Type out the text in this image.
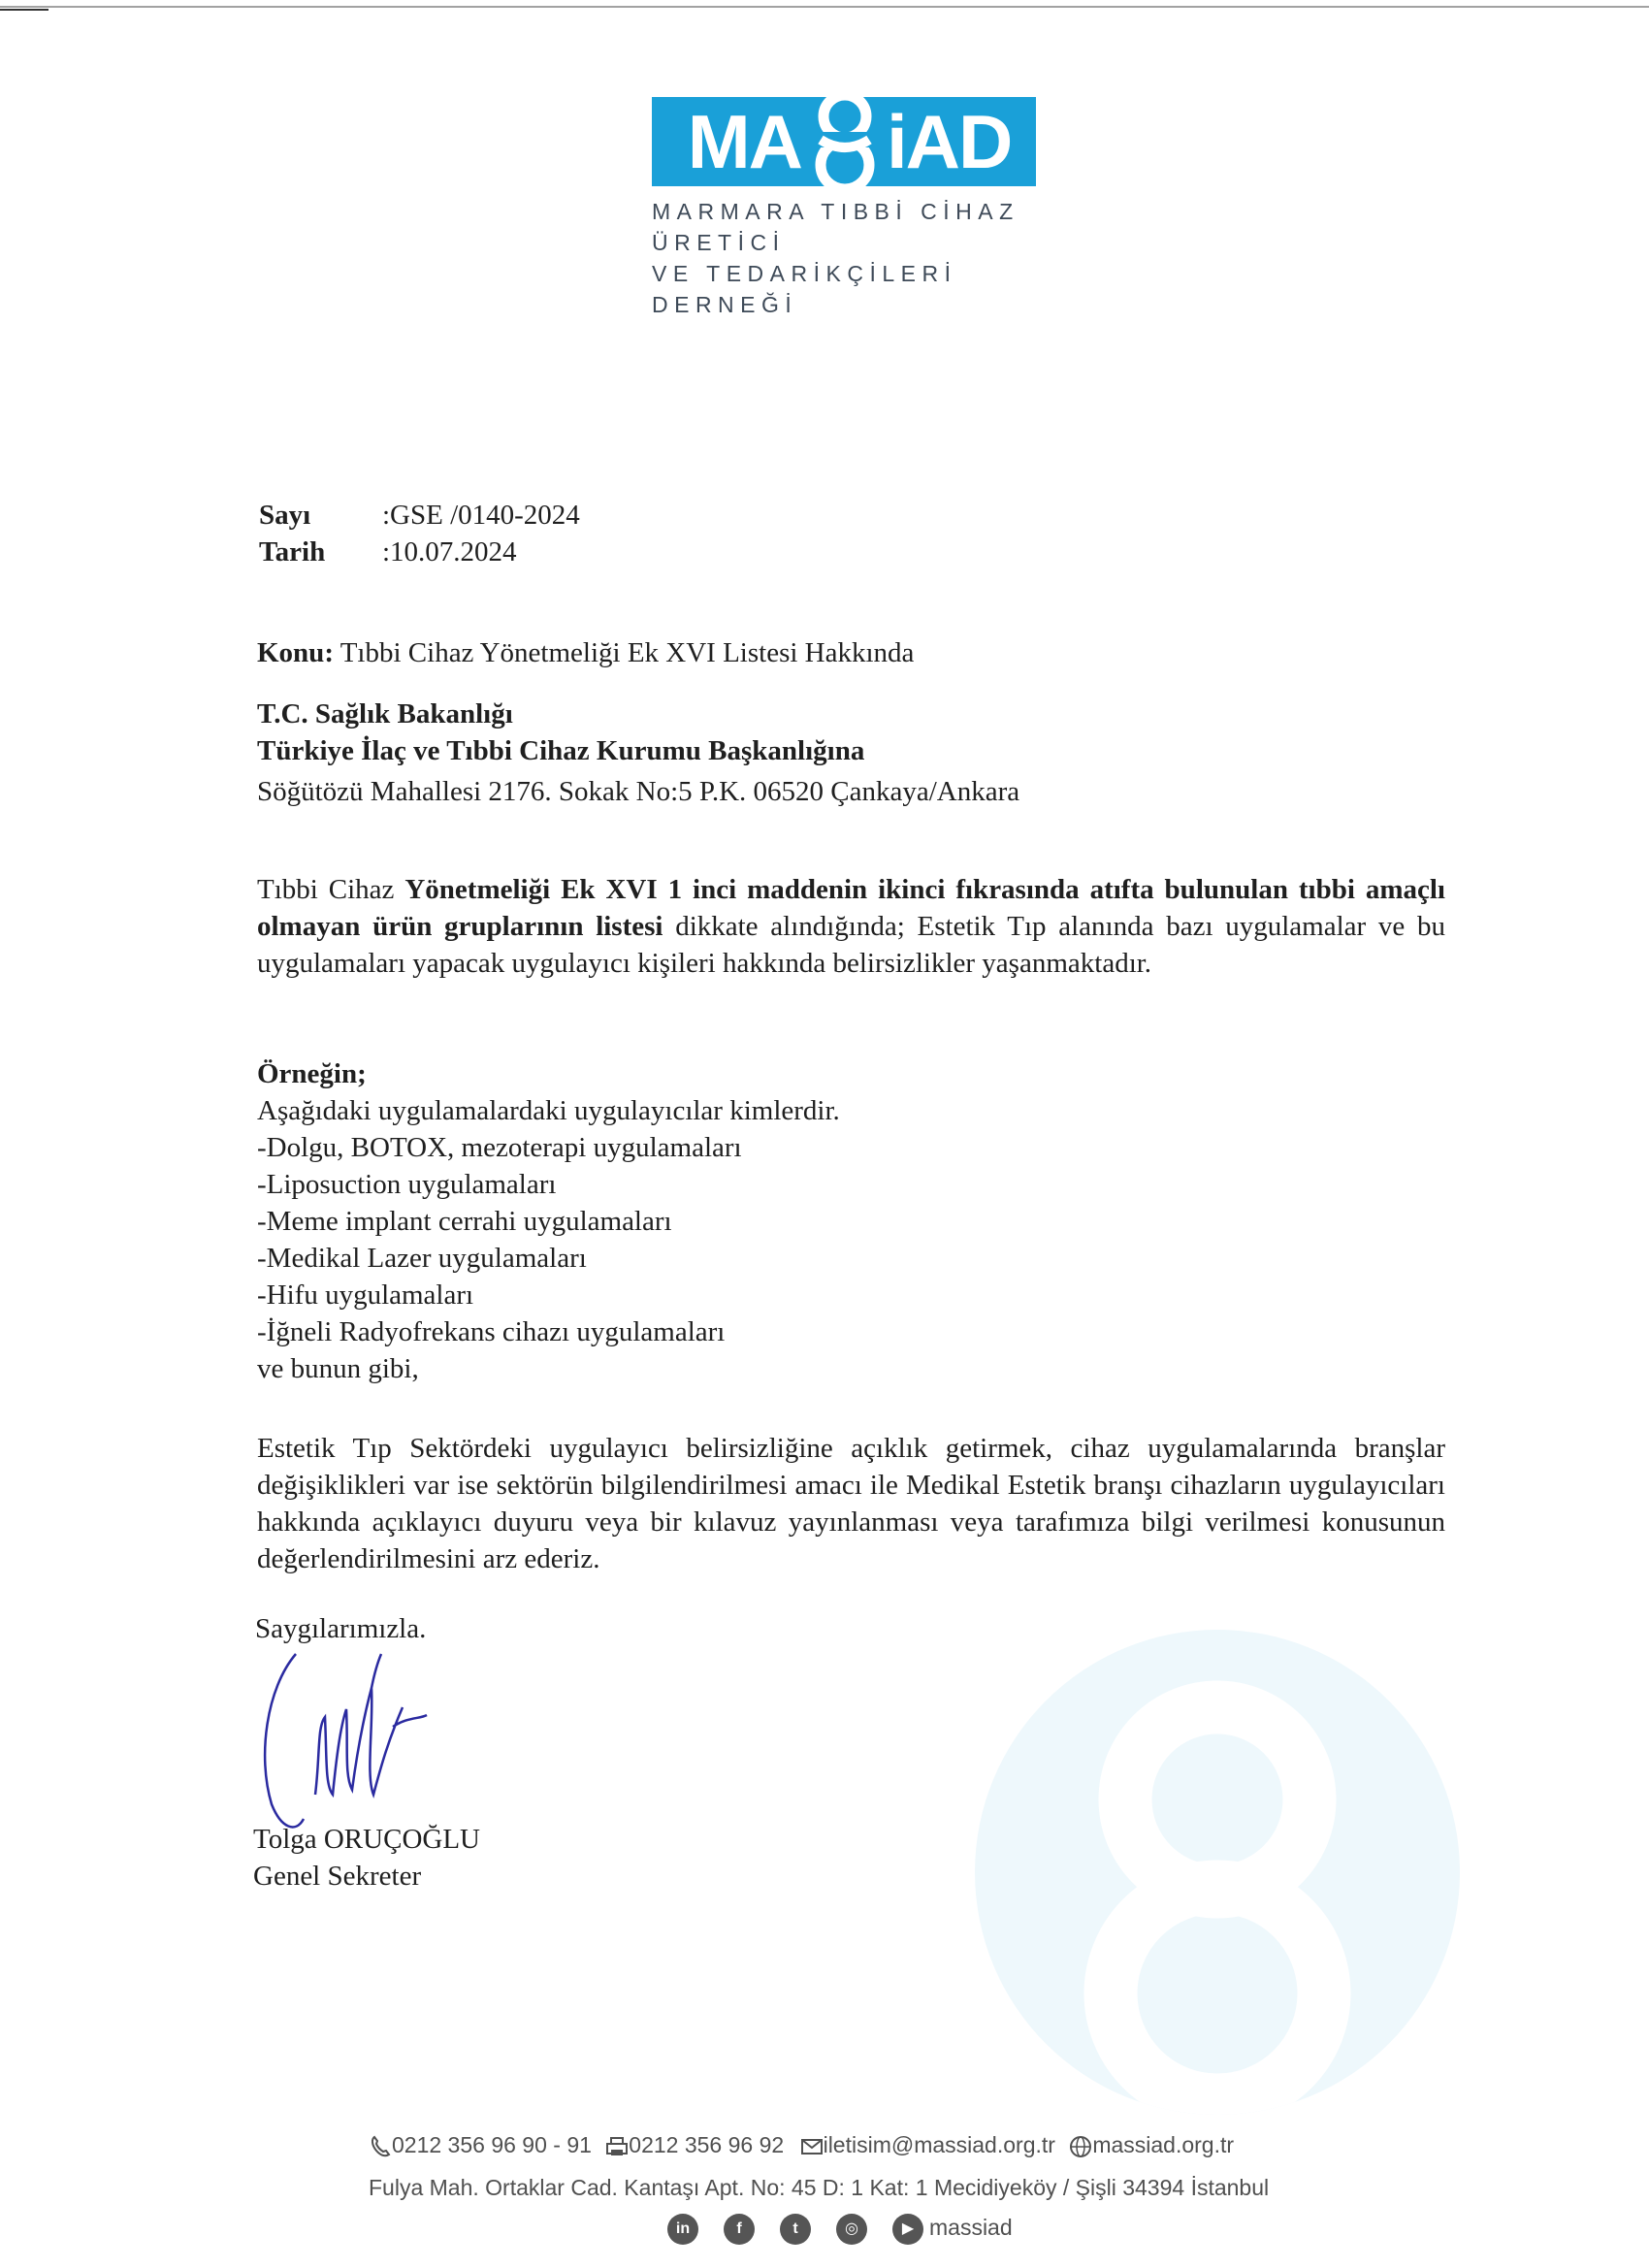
MA iAD
MARMARA TIBBİ CİHAZ ÜRETİCİ
VE TEDARİKÇİLERİ DERNEĞİ
Sayı	:GSE /0140-2024
Tarih :10.07.2024
Konu: Tıbbi Cihaz Yönetmeliği Ek XVI Listesi Hakkında
T.C. Sağlık Bakanlığı
Türkiye İlaç ve Tıbbi Cihaz Kurumu Başkanlığına
Söğütözü Mahallesi 2176. Sokak No:5 P.K. 06520 Çankaya/Ankara
Tıbbi Cihaz Yönetmeliği Ek XVI 1 inci maddenin ikinci fıkrasında atıfta bulunulan tıbbi amaçlı olmayan ürün gruplarının listesi dikkate alındığında; Estetik Tıp alanında bazı uygulamalar ve bu uygulamaları yapacak uygulayıcı kişileri hakkında belirsizlikler yaşanmaktadır.
Örneğin;
Aşağıdaki uygulamalardaki uygulayıcılar kimlerdir.
-Dolgu, BOTOX, mezoterapi uygulamaları
-Liposuction uygulamaları
-Meme implant cerrahi uygulamaları
-Medikal Lazer uygulamaları
-Hifu uygulamaları
-İğneli Radyofrekans cihazı uygulamaları
ve bunun gibi,
Estetik Tıp Sektördeki uygulayıcı belirsizliğine açıklık getirmek, cihaz uygulamalarında branşlar değişiklikleri var ise sektörün bilgilendirilmesi amacı ile Medikal Estetik branşı cihazların uygulayıcıları hakkında açıklayıcı duyuru veya bir kılavuz yayınlanması veya tarafımıza bilgi verilmesi konusunun değerlendirilmesini arz ederiz.
Saygılarımızla.
Tolga ORUÇOĞLU
Genel Sekreter
0212 356 96 90 - 91 0212 356 96 92 iletisim@massiad.org.tr massiad.org.tr
Fulya Mah. Ortaklar Cad. Kantaşı Apt. No: 45 D: 1 Kat: 1 Mecidiyeköy / Şişli 34394 İstanbul
in	f	t	◎	▶ massiad
